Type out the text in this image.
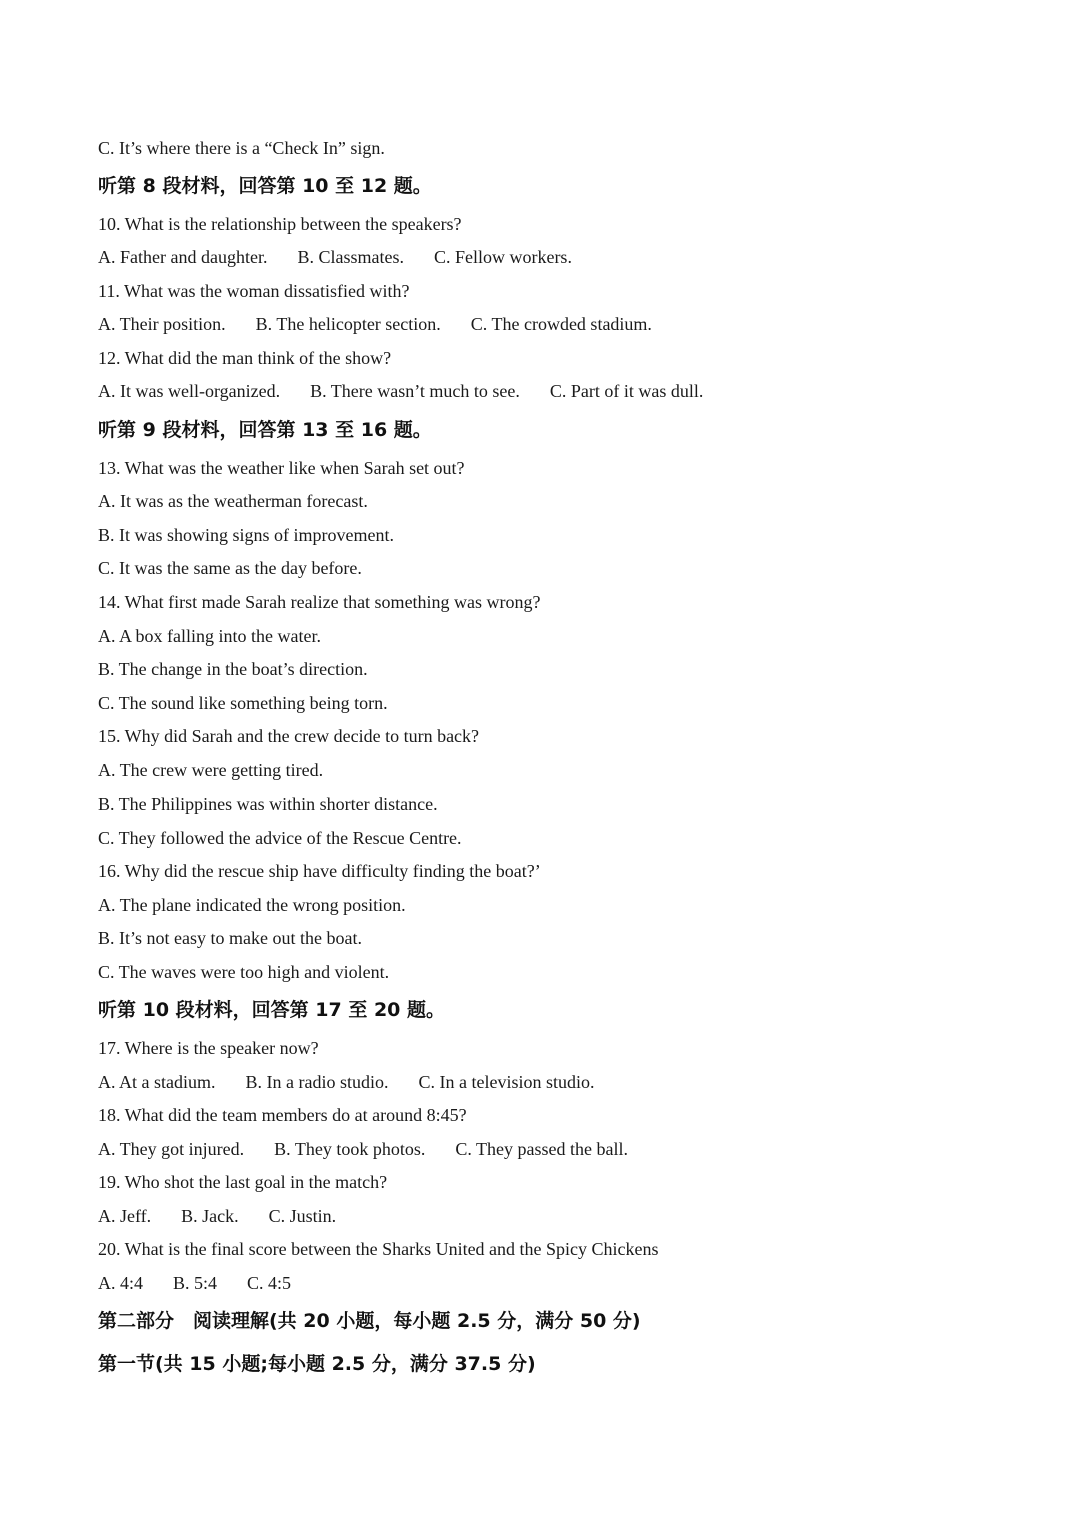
C. It’s where there is a “Check In” sign.
听第 8 段材料，回答第 10 至 12 题。
10. What is the relationship between the speakers?
A. Father and daughter. B. Classmates. C. Fellow workers.
11. What was the woman dissatisfied with?
A. Their position. B. The helicopter section. C. The crowded stadium.
12. What did the man think of the show?
A. It was well-organized. B. There wasn’t much to see. C. Part of it was dull.
听第 9 段材料，回答第 13 至 16 题。
13. What was the weather like when Sarah set out?
A. It was as the weatherman forecast.
B. It was showing signs of improvement.
C. It was the same as the day before.
14. What first made Sarah realize that something was wrong?
A. A box falling into the water.
B. The change in the boat’s direction.
C. The sound like something being torn.
15. Why did Sarah and the crew decide to turn back?
A. The crew were getting tired.
B. The Philippines was within shorter distance.
C. They followed the advice of the Rescue Centre.
16. Why did the rescue ship have difficulty finding the boat?’
A. The plane indicated the wrong position.
B. It’s not easy to make out the boat.
C. The waves were too high and violent.
听第 10 段材料，回答第 17 至 20 题。
17. Where is the speaker now?
A. At a stadium. B. In a radio studio. C. In a television studio.
18. What did the team members do at around 8:45?
A. They got injured. B. They took photos. C. They passed the ball.
19. Who shot the last goal in the match?
A. Jeff. B. Jack. C. Justin.
20. What is the final score between the Sharks United and the Spicy Chickens
A. 4:4 B. 5:4 C. 4:5
第二部分　阅读理解(共 20 小题，每小题 2.5 分，满分 50 分)
第一节(共 15 小题;每小题 2.5 分，满分 37.5 分)
